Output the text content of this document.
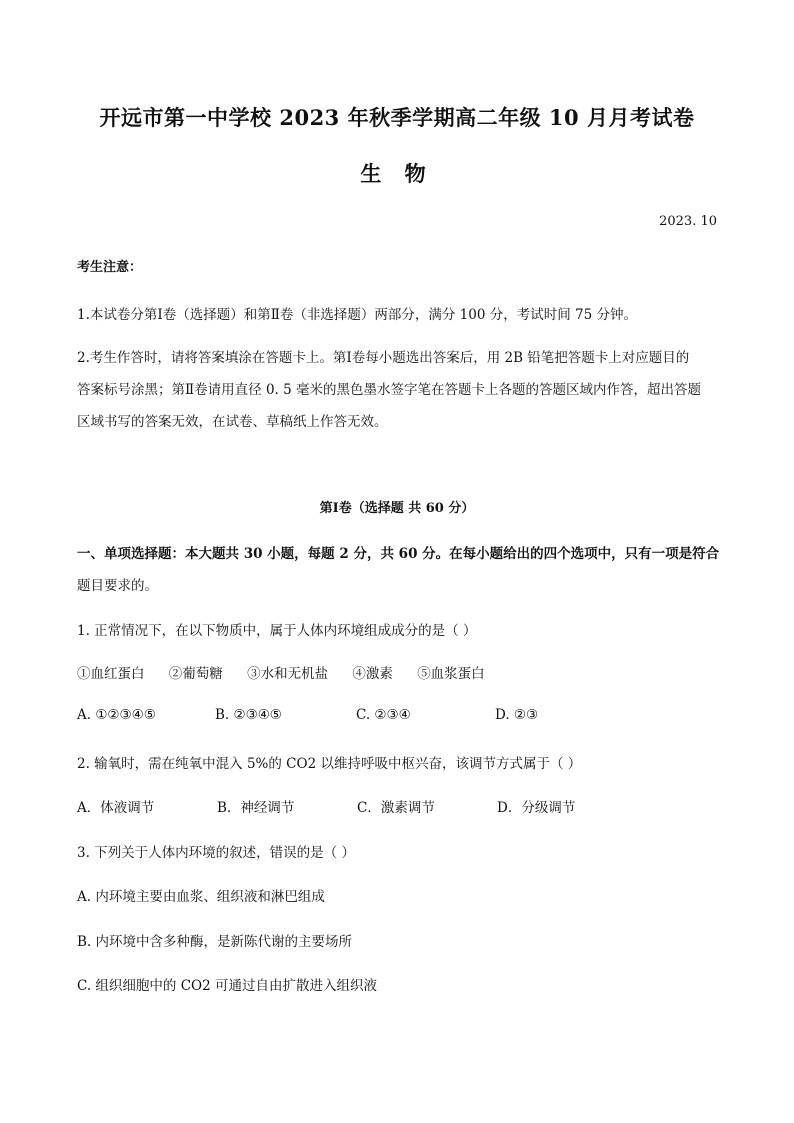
开远市第一中学校 2023 年秋季学期高二年级 10 月月考试卷
生 物
2023. 10
考生注意：
1.本试卷分第Ⅰ卷（选择题）和第Ⅱ卷（非选择题）两部分，满分 100 分，考试时间 75 分钟。
2.考生作答时，请将答案填涂在答题卡上。第Ⅰ卷每小题选出答案后，用 2B 铅笔把答题卡上对应题目的
答案标号涂黑；第Ⅱ卷请用直径 0. 5 毫米的黑色墨水签字笔在答题卡上各题的答题区域内作答，超出答题
区域书写的答案无效，在试卷、草稿纸上作答无效。
第Ⅰ卷（选择题 共 60 分）
一、单项选择题：本大题共 30 小题，每题 2 分，共 60 分。在每小题给出的四个选项中，只有一项是符合
题目要求的。
1. 正常情况下，在以下物质中，属于人体内环境组成成分的是（ ）
①血红蛋白 ②葡萄糖 ③水和无机盐 ④激素 ⑤血浆蛋白
A. ①②③④⑤	B. ②③④⑤	C. ②③④	D. ②③
2. 输氧时，需在纯氧中混入 5%的 CO2 以维持呼吸中枢兴奋，该调节方式属于（ ）
A．体液调节	B．神经调节	C．激素调节	D．分级调节
3. 下列关于人体内环境的叙述，错误的是（ ）
A. 内环境主要由血浆、组织液和淋巴组成
B. 内环境中含多种酶，是新陈代谢的主要场所
C. 组织细胞中的 CO2 可通过自由扩散进入组织液
